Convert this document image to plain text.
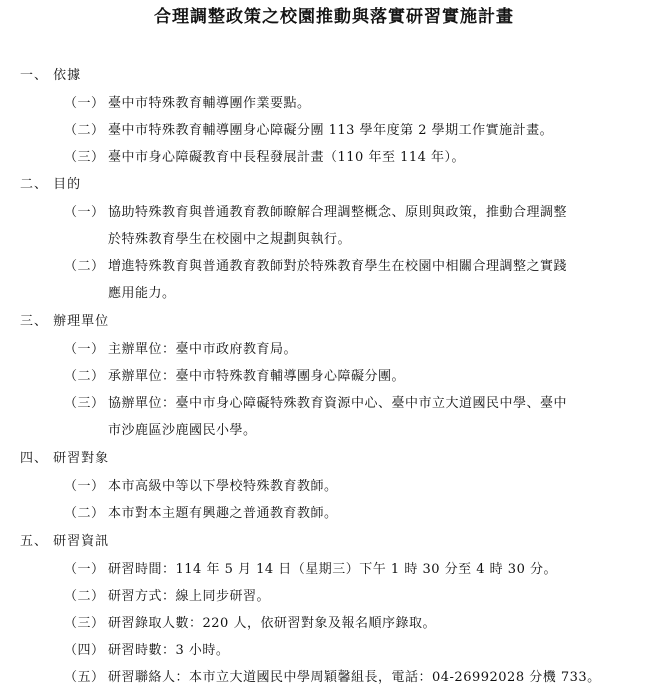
合理調整政策之校園推動與落實研習實施計畫
一、 依據
（一） 臺中市特殊教育輔導團作業要點。
（二） 臺中市特殊教育輔導團身心障礙分團 113 學年度第 2 學期工作實施計畫。
（三） 臺中市身心障礙教育中長程發展計畫（110 年至 114 年）。
二、 目的
（一） 協助特殊教育與普通教育教師瞭解合理調整概念、原則與政策，推動合理調整
於特殊教育學生在校園中之規劃與執行。
（二） 增進特殊教育與普通教育教師對於特殊教育學生在校園中相關合理調整之實踐
應用能力。
三、 辦理單位
（一） 主辦單位：臺中市政府教育局。
（二） 承辦單位：臺中市特殊教育輔導團身心障礙分團。
（三） 協辦單位：臺中市身心障礙特殊教育資源中心、臺中市立大道國民中學、臺中
市沙鹿區沙鹿國民小學。
四、 研習對象
（一） 本市高級中等以下學校特殊教育教師。
（二） 本市對本主題有興趣之普通教育教師。
五、 研習資訊
（一） 研習時間：114 年 5 月 14 日（星期三）下午 1 時 30 分至 4 時 30 分。
（二） 研習方式：線上同步研習。
（三） 研習錄取人數：220 人，依研習對象及報名順序錄取。
（四） 研習時數：3 小時。
（五） 研習聯絡人：本市立大道國民中學周穎馨組長，電話：04-26992028 分機 733。
